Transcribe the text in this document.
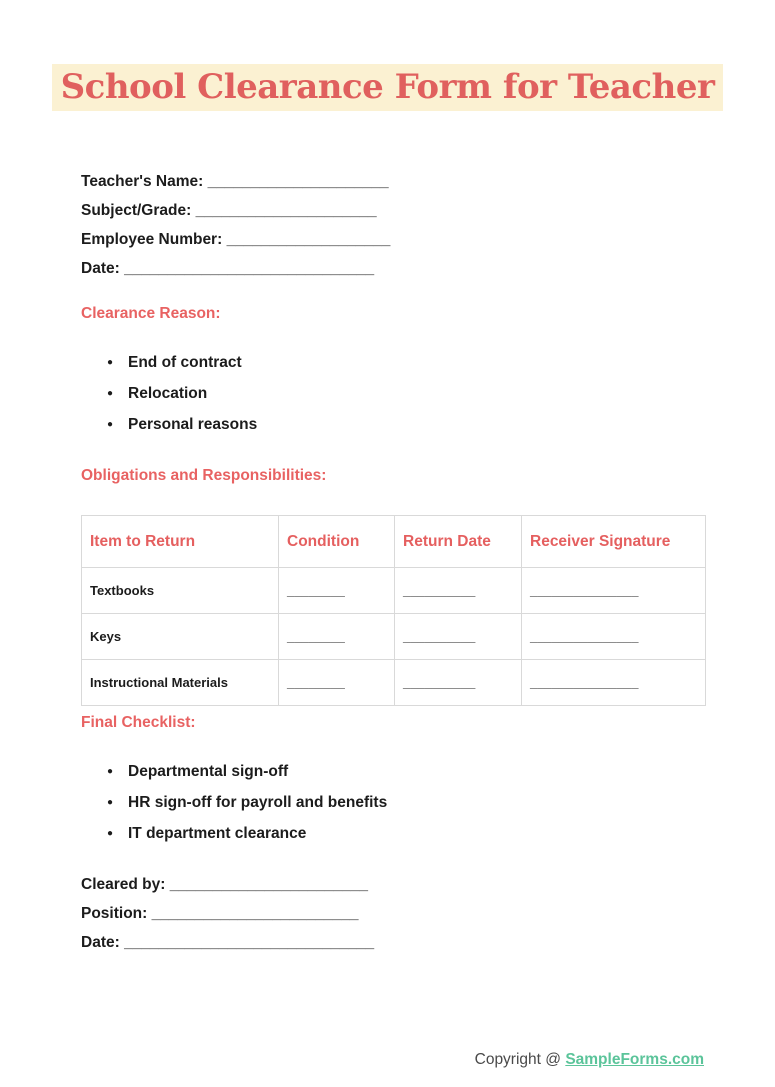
School Clearance Form for Teacher
Teacher's Name: _____________________
Subject/Grade: _____________________
Employee Number: ___________________
Date: _____________________________
Clearance Reason:
● End of contract
● Relocation
● Personal reasons
Obligations and Responsibilities:
Item to Return	Condition	Return Date	Receiver Signature
Textbooks	________	__________	_______________
Keys	________	__________	_______________
Instructional Materials	________	__________	_______________
Final Checklist:
● Departmental sign-off
● HR sign-off for payroll and benefits
● IT department clearance
Cleared by: _______________________
Position: ________________________
Date: _____________________________
Copyright @ SampleForms.com
